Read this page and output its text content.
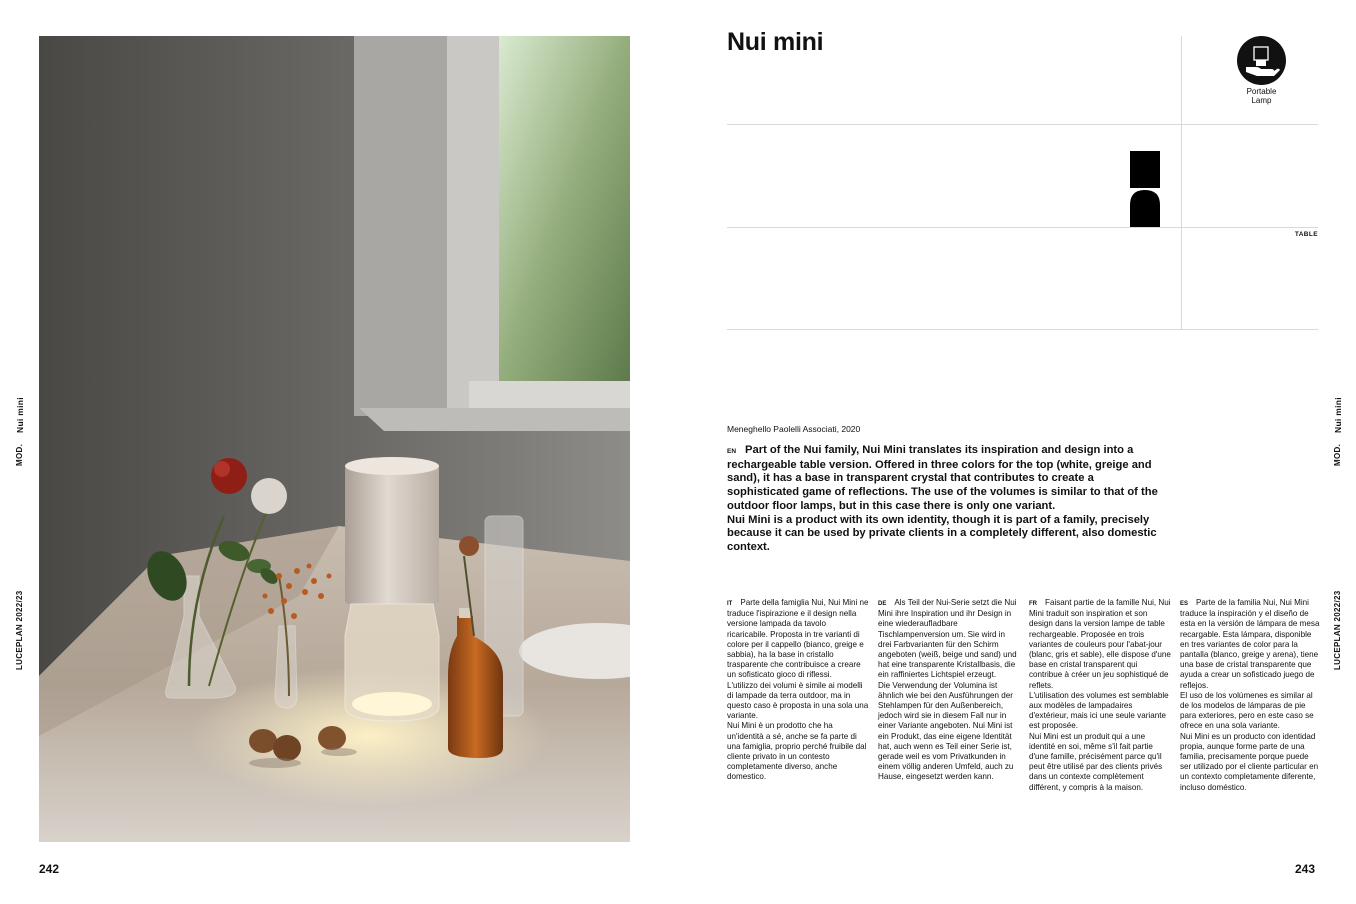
LUCEPLAN 2022/23
MOD.
Nui mini
242
Nui mini
Portable
Lamp
TABLE
Meneghello Paolelli Associati, 2020

EN Part of the Nui family, Nui Mini translates its inspiration and design into a rechargeable table version. Offered in three colors for the top (white, greige and sand), it has a base in transparent crystal that contributes to create a sophisticated game of reflections. The use of the volumes is similar to that of the outdoor floor lamps, but in this case there is only one variant.
Nui Mini is a product with its own identity, though it is part of a family, precisely because it can be used by private clients in a completely different, also domestic context.

IT Parte della famiglia Nui, Nui Mini ne traduce l'ispirazione e il design nella versione lampada da tavolo ricaricabile. Proposta in tre varianti di colore per il cappello (bianco, greige e sabbia), ha la base in cristallo trasparente che contribuisce a creare un sofisticato gioco di riflessi.

L'utilizzo dei volumi è simile ai modelli di lampade da terra outdoor, ma in questo caso è proposta in una sola una variante.

Nui Mini è un prodotto che ha un'identità a sé, anche se fa parte di una famiglia, proprio perché fruibile dal cliente privato in un contesto completamente diverso, anche domestico.

DE Als Teil der Nui-Serie setzt die Nui Mini ihre Inspiration und ihr Design in eine wiederaufladbare Tischlampenversion um. Sie wird in drei Farbvarianten für den Schirm angeboten (weiß, beige und sand) und hat eine transparente Kristallbasis, die ein raffiniertes Lichtspiel erzeugt.

Die Verwendung der Volumina ist ähnlich wie bei den Ausführungen der Stehlampen für den Außenbereich, jedoch wird sie in diesem Fall nur in einer Variante angeboten. Nui Mini ist ein Produkt, das eine eigene Identität hat, auch wenn es Teil einer Serie ist, gerade weil es vom Privatkunden in einem völlig anderen Umfeld, auch zu Hause, eingesetzt werden kann.

FR Faisant partie de la famille Nui, Nui Mini traduit son inspiration et son design dans la version lampe de table rechargeable. Proposée en trois variantes de couleurs pour l'abat-jour (blanc, gris et sable), elle dispose d'une base en cristal transparent qui contribue à créer un jeu sophistiqué de reflets.

L'utilisation des volumes est semblable aux modèles de lampadaires d'extérieur, mais ici une seule variante est proposée.

Nui Mini est un produit qui a une identité en soi, même s'il fait partie d'une famille, précisément parce qu'il peut être utilisé par des clients privés dans un contexte complètement différent, y compris à la maison.

ES Parte de la familia Nui, Nui Mini traduce la inspiración y el diseño de esta en la versión de lámpara de mesa recargable. Esta lámpara, disponible en tres variantes de color para la pantalla (blanco, greige y arena), tiene una base de cristal transparente que ayuda a crear un sofisticado juego de reflejos.

El uso de los volúmenes es similar al de los modelos de lámparas de pie para exteriores, pero en este caso se ofrece en una sola variante.

Nui Mini es un producto con identidad propia, aunque forme parte de una familia, precisamente porque puede ser utilizado por el cliente particular en un contexto completamente diferente, incluso doméstico.

LUCEPLAN 2022/23
MOD.
Nui mini
243
